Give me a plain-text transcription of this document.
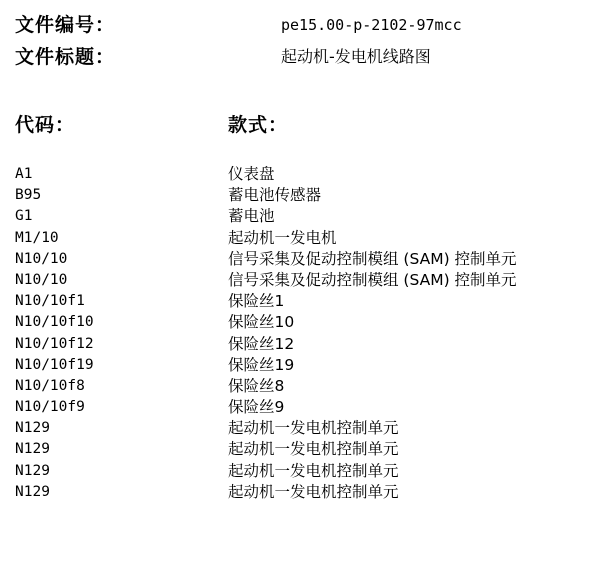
文件编号：	pe15.00-p-2102-97mcc
文件标题：	起动机-发电机线路图
代码：	款式：
A1	仪表盘
B95	蓄电池传感器
G1	蓄电池
M1/10	起动机一发电机
N10/10	信号采集及促动控制模组 (SAM) 控制单元
N10/10	信号采集及促动控制模组 (SAM) 控制单元
N10/10f1	保险丝1
N10/10f10	保险丝10
N10/10f12	保险丝12
N10/10f19	保险丝19
N10/10f8	保险丝8
N10/10f9	保险丝9
N129	起动机一发电机控制单元
N129	起动机一发电机控制单元
N129	起动机一发电机控制单元
N129	起动机一发电机控制单元
